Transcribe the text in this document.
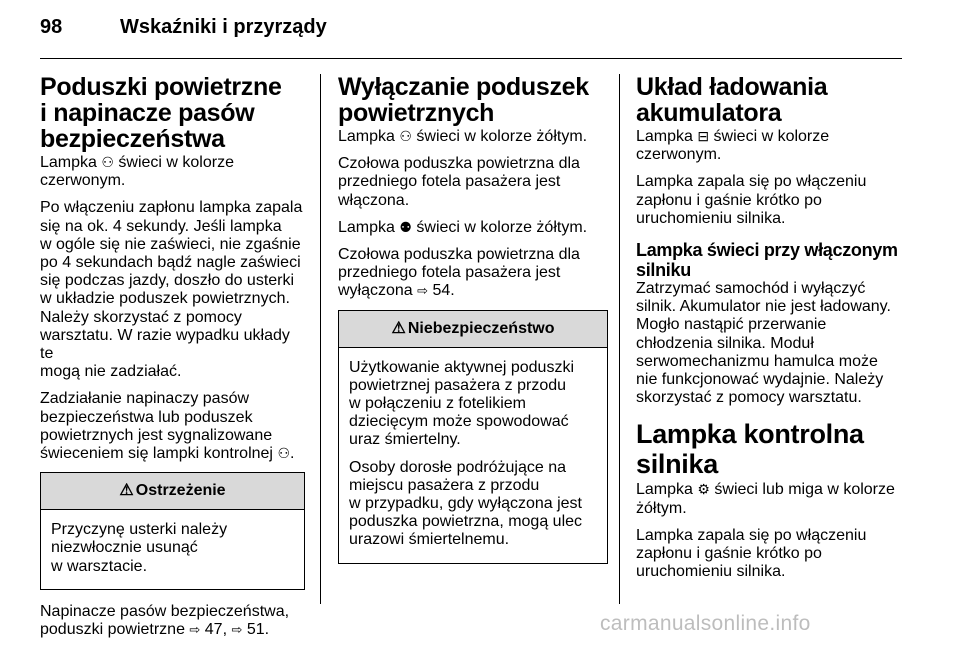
98	Wskaźniki i przyrządy
Poduszki powietrzne
i napinacze pasów
bezpieczeństwa

Lampka ⚇ świeci w kolorze
czerwonym.

Po włączeniu zapłonu lampka zapala
się na ok. 4 sekundy. Jeśli lampka
w ogóle się nie zaświeci, nie zgaśnie
po 4 sekundach bądź nagle zaświeci
się podczas jazdy, doszło do usterki
w układzie poduszek powietrznych.
Należy skorzystać z pomocy
warsztatu. W razie wypadku układy te
mogą nie zadziałać.

Zadziałanie napinaczy pasów
bezpieczeństwa lub poduszek
powietrznych jest sygnalizowane
świeceniem się lampki kontrolnej ⚇.

⚠ Ostrzeżenie

Przyczynę usterki należy
niezwłocznie usunąć
w warsztacie.

Napinacze pasów bezpieczeństwa,
poduszki powietrzne ⇨ 47, ⇨ 51.

Wyłączanie poduszek
powietrznych

Lampka ⚇ świeci w kolorze żółtym.

Czołowa poduszka powietrzna dla
przedniego fotela pasażera jest
włączona.

Lampka ⚉ świeci w kolorze żółtym.

Czołowa poduszka powietrzna dla
przedniego fotela pasażera jest
wyłączona ⇨ 54.

⚠ Niebezpieczeństwo

Użytkowanie aktywnej poduszki
powietrznej pasażera z przodu
w połączeniu z fotelikiem
dziecięcym może spowodować
uraz śmiertelny.

Osoby dorosłe podróżujące na
miejscu pasażera z przodu
w przypadku, gdy wyłączona jest
poduszka powietrzna, mogą ulec
urazowi śmiertelnemu.

Układ ładowania
akumulatora

Lampka ⊟ świeci w kolorze
czerwonym.

Lampka zapala się po włączeniu
zapłonu i gaśnie krótko po
uruchomieniu silnika.

Lampka świeci przy włączonym
silniku

Zatrzymać samochód i wyłączyć
silnik. Akumulator nie jest ładowany.
Mogło nastąpić przerwanie
chłodzenia silnika. Moduł
serwomechanizmu hamulca może
nie funkcjonować wydajnie. Należy
skorzystać z pomocy warsztatu.

Lampka kontrolna silnika

Lampka ⚙ świeci lub miga w kolorze
żółtym.

Lampka zapala się po włączeniu
zapłonu i gaśnie krótko po
uruchomieniu silnika.

carmanualsonline.info
